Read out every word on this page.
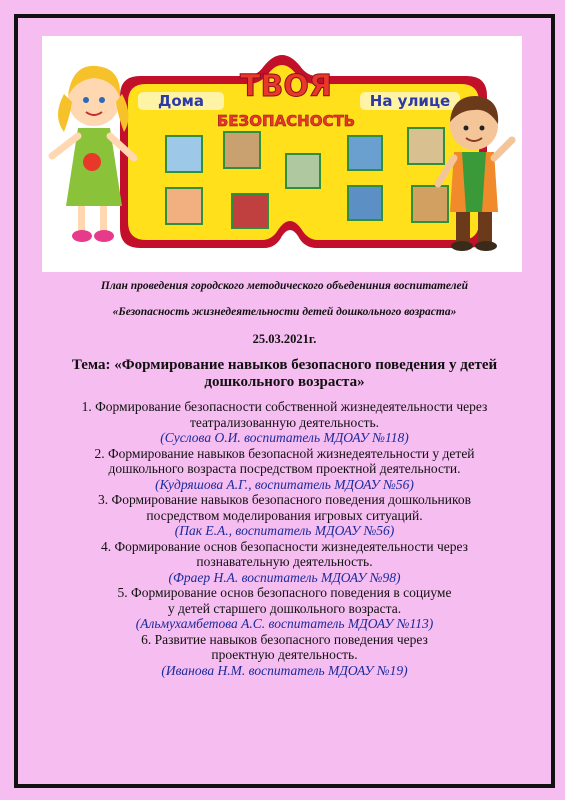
Дома ТВОЯ
БЕЗОПАСНОСТЬ
На улице

План проведения городского методического объедениния воспитателей

«Безопасность жизнедеятельности детей дошкольного возраста»

25.03.2021г.

Тема: «Формирование навыков безопасного поведения у детей дошкольного возраста»

1. Формирование безопасности собственной жизнедеятельности через
театрализованную деятельность.
(Суслова О.И. воспитатель МДОАУ №118)
2. Формирование навыков безопасной жизнедеятельности у детей
дошкольного возраста посредством проектной деятельности.
(Кудряшова А.Г., воспитатель МДОАУ №56)
3. Формирование навыков безопасного поведения дошкольников
посредством моделирования игровых ситуаций.
(Пак Е.А., воспитатель МДОАУ №56)
4. Формирование основ безопасности жизнедеятельности через
познавательную деятельность.
(Фраер Н.А. воспитатель МДОАУ №98)
5. Формирование основ безопасного поведения в социуме
у детей старшего дошкольного возраста.
(Альмухамбетова А.С. воспитатель МДОАУ №113)
6. Развитие навыков безопасного поведения через
проектную деятельность.
(Иванова Н.М. воспитатель МДОАУ №19)
